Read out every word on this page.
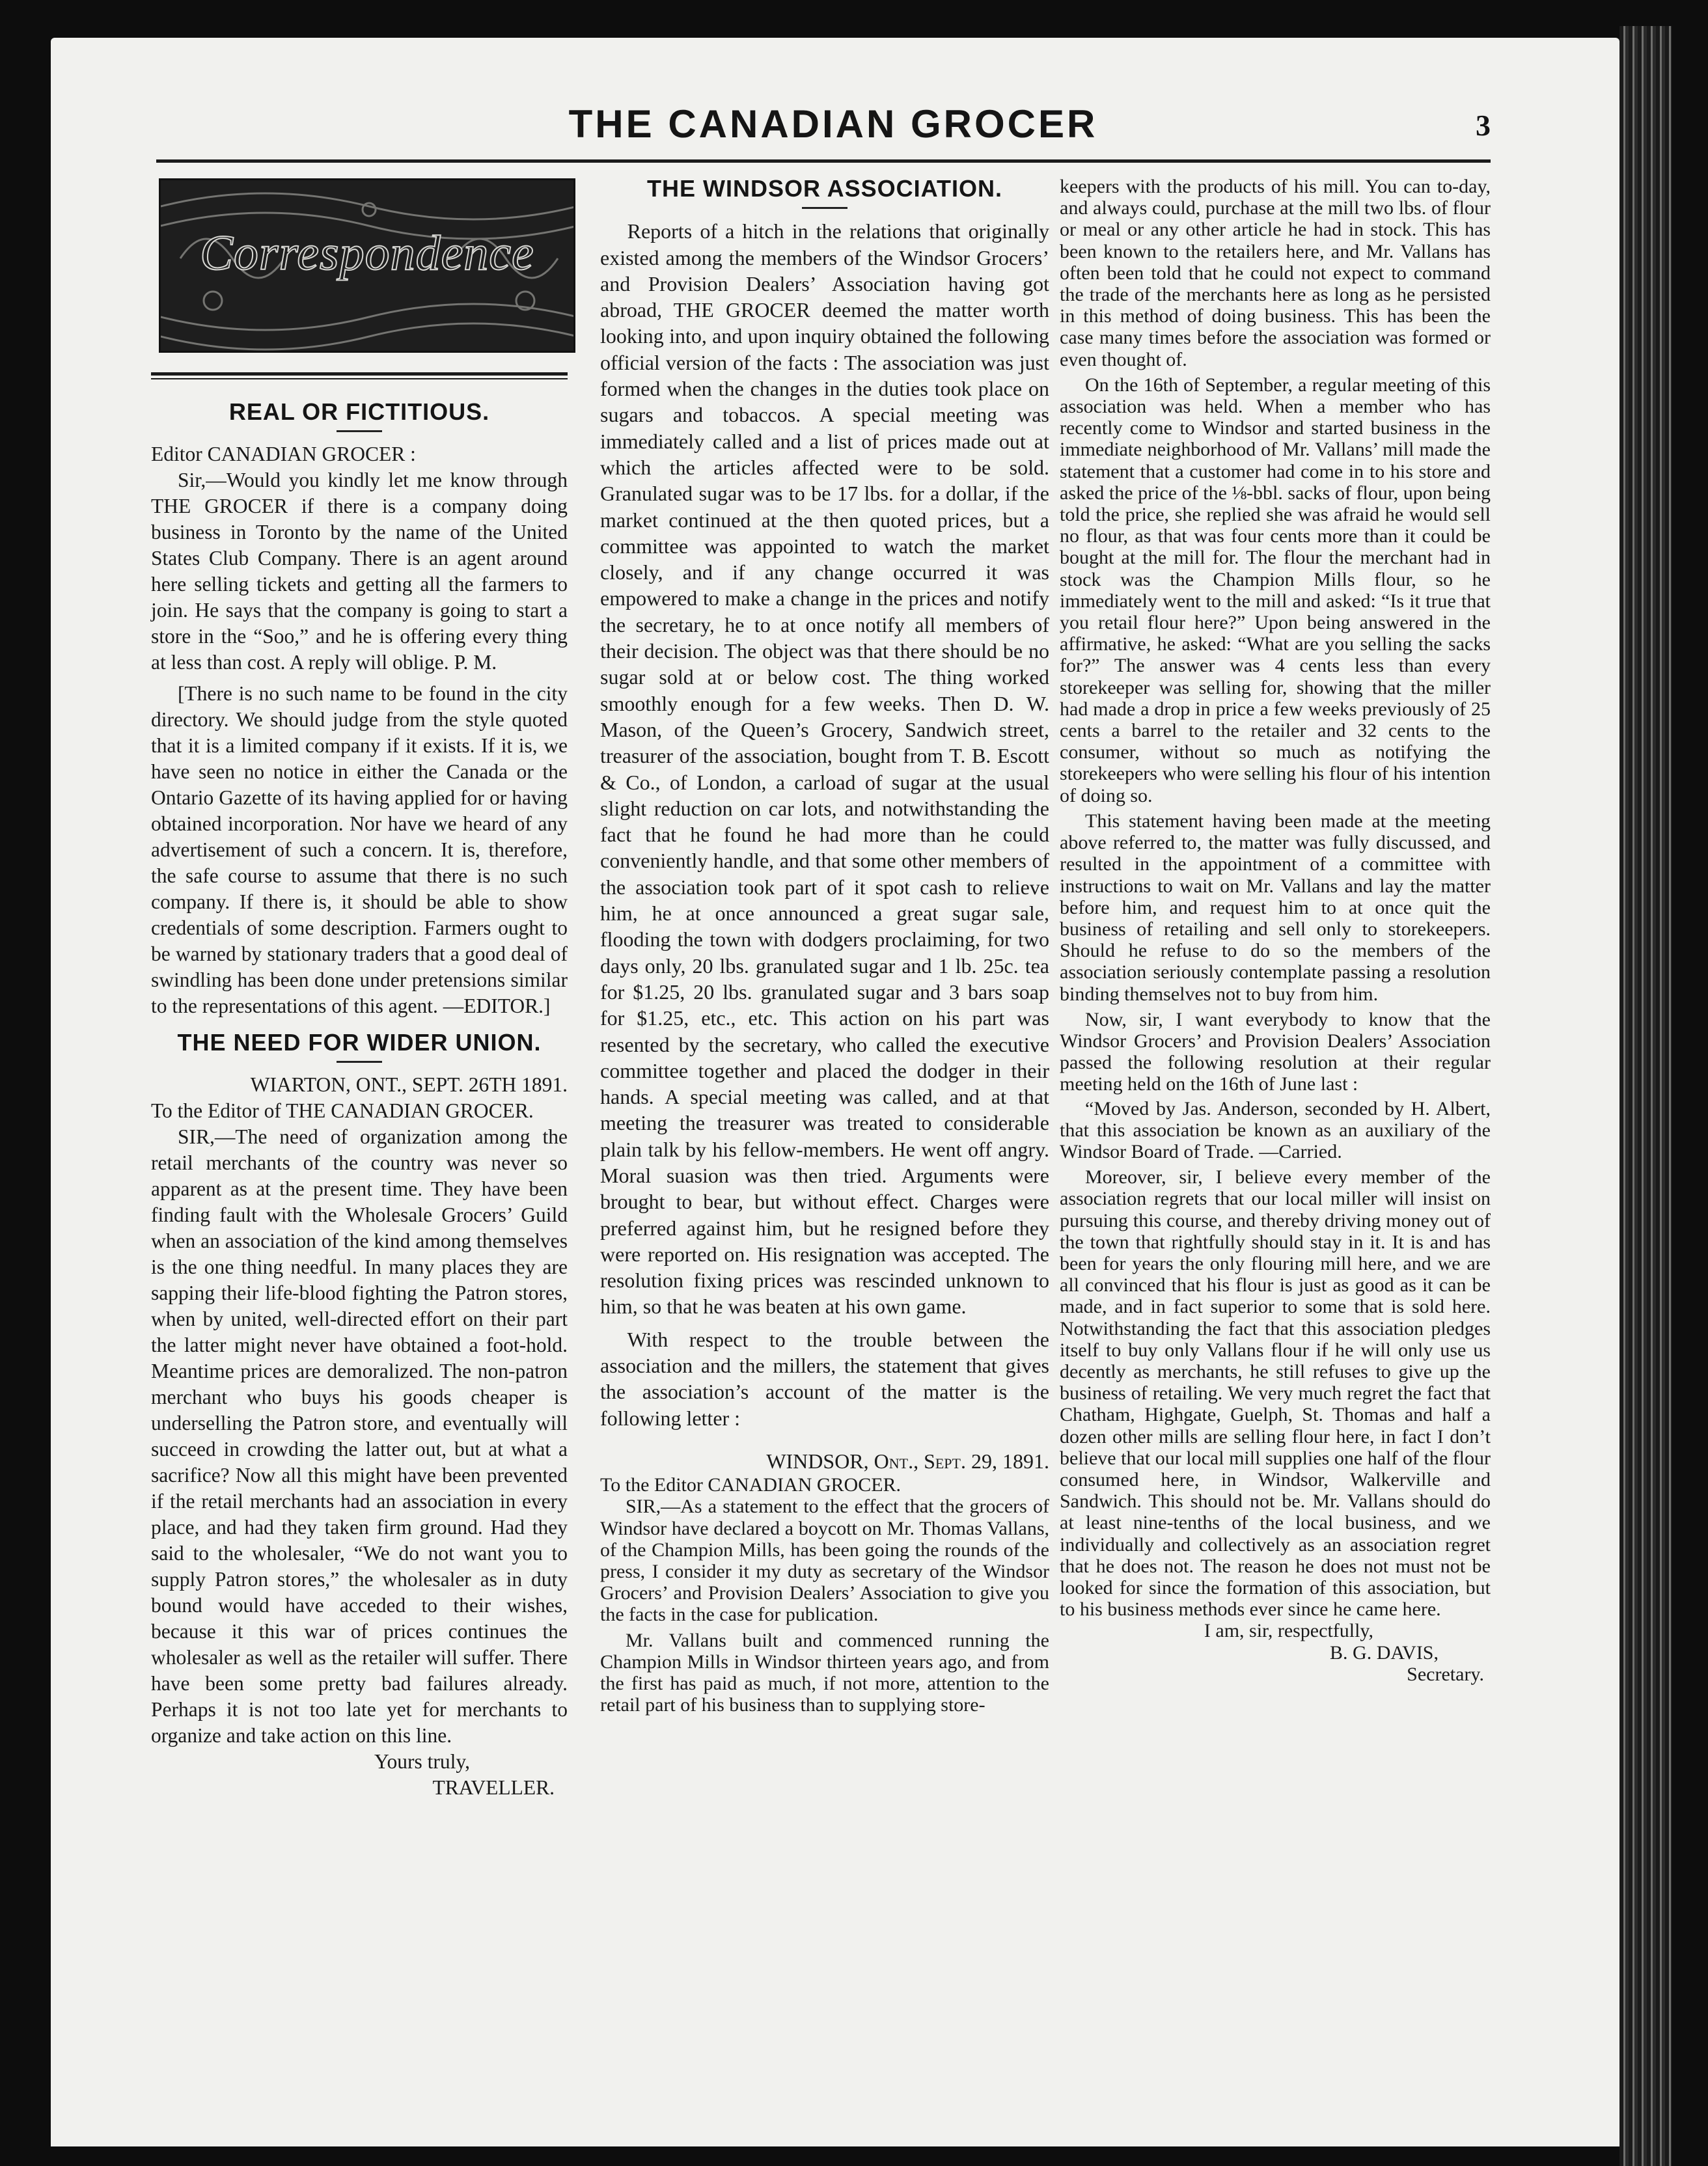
THE CANADIAN GROCER	3
Correspondence
REAL OR FICTITIOUS.

Editor CANADIAN GROCER :

Sir,—Would you kindly let me know through THE GROCER if there is a company doing business in Toronto by the name of the United States Club Company. There is an agent around here selling tickets and getting all the farmers to join. He says that the company is going to start a store in the “Soo,” and he is offering every thing at less than cost. A reply will oblige. P. M.

[There is no such name to be found in the city directory. We should judge from the style quoted that it is a limited company if it exists. If it is, we have seen no notice in either the Canada or the Ontario Gazette of its having applied for or having obtained incorporation. Nor have we heard of any advertisement of such a concern. It is, therefore, the safe course to assume that there is no such company. If there is, it should be able to show credentials of some description. Farmers ought to be warned by stationary traders that a good deal of swindling has been done under pretensions similar to the representations of this agent. —EDITOR.]

THE NEED FOR WIDER UNION.

WIARTON, ONT., SEPT. 26TH 1891.

To the Editor of THE CANADIAN GROCER.

SIR,—The need of organization among the retail merchants of the country was never so apparent as at the present time. They have been finding fault with the Wholesale Grocers’ Guild when an association of the kind among themselves is the one thing needful. In many places they are sapping their life-blood fighting the Patron stores, when by united, well-directed effort on their part the latter might never have obtained a foot-hold. Meantime prices are demoralized. The non-patron merchant who buys his goods cheaper is underselling the Patron store, and eventually will succeed in crowding the latter out, but at what a sacrifice? Now all this might have been prevented if the retail merchants had an association in every place, and had they taken firm ground. Had they said to the wholesaler, “We do not want you to supply Patron stores,” the wholesaler as in duty bound would have acceded to their wishes, because it this war of prices continues the wholesaler as well as the retailer will suffer. There have been some pretty bad failures already. Perhaps it is not too late yet for merchants to organize and take action on this line.

Yours truly,

TRAVELLER.

THE WINDSOR ASSOCIATION.

Reports of a hitch in the relations that originally existed among the members of the Windsor Grocers’ and Provision Dealers’ Association having got abroad, THE GROCER deemed the matter worth looking into, and upon inquiry obtained the following official version of the facts : The association was just formed when the changes in the duties took place on sugars and tobaccos. A special meeting was immediately called and a list of prices made out at which the articles affected were to be sold. Granulated sugar was to be 17 lbs. for a dollar, if the market continued at the then quoted prices, but a committee was appointed to watch the market closely, and if any change occurred it was empowered to make a change in the prices and notify the secretary, he to at once notify all members of their decision. The object was that there should be no sugar sold at or below cost. The thing worked smoothly enough for a few weeks. Then D. W. Mason, of the Queen’s Grocery, Sandwich street, treasurer of the association, bought from T. B. Escott & Co., of London, a carload of sugar at the usual slight reduction on car lots, and notwithstanding the fact that he found he had more than he could conveniently handle, and that some other members of the association took part of it spot cash to relieve him, he at once announced a great sugar sale, flooding the town with dodgers proclaiming, for two days only, 20 lbs. granulated sugar and 1 lb. 25c. tea for $1.25, 20 lbs. granulated sugar and 3 bars soap for $1.25, etc., etc. This action on his part was resented by the secretary, who called the executive committee together and placed the dodger in their hands. A special meeting was called, and at that meeting the treasurer was treated to considerable plain talk by his fellow-members. He went off angry. Moral suasion was then tried. Arguments were brought to bear, but without effect. Charges were preferred against him, but he resigned before they were reported on. His resignation was accepted. The resolution fixing prices was rescinded unknown to him, so that he was beaten at his own game.

With respect to the trouble between the association and the millers, the statement that gives the association’s account of the matter is the following letter :

WINDSOR, Ont., Sept. 29, 1891.

To the Editor CANADIAN GROCER.

SIR,—As a statement to the effect that the grocers of Windsor have declared a boycott on Mr. Thomas Vallans, of the Champion Mills, has been going the rounds of the press, I consider it my duty as secretary of the Windsor Grocers’ and Provision Dealers’ Association to give you the facts in the case for publication.

Mr. Vallans built and commenced running the Champion Mills in Windsor thirteen years ago, and from the first has paid as much, if not more, attention to the retail part of his business than to supplying store-

keepers with the products of his mill. You can to-day, and always could, purchase at the mill two lbs. of flour or meal or any other article he had in stock. This has been known to the retailers here, and Mr. Vallans has often been told that he could not expect to command the trade of the merchants here as long as he persisted in this method of doing business. This has been the case many times before the association was formed or even thought of.

On the 16th of September, a regular meeting of this association was held. When a member who has recently come to Windsor and started business in the immediate neighborhood of Mr. Vallans’ mill made the statement that a customer had come in to his store and asked the price of the ⅛-bbl. sacks of flour, upon being told the price, she replied she was afraid he would sell no flour, as that was four cents more than it could be bought at the mill for. The flour the merchant had in stock was the Champion Mills flour, so he immediately went to the mill and asked: “Is it true that you retail flour here?” Upon being answered in the affirmative, he asked: “What are you selling the sacks for?” The answer was 4 cents less than every storekeeper was selling for, showing that the miller had made a drop in price a few weeks previously of 25 cents a barrel to the retailer and 32 cents to the consumer, without so much as notifying the storekeepers who were selling his flour of his intention of doing so.

This statement having been made at the meeting above referred to, the matter was fully discussed, and resulted in the appointment of a committee with instructions to wait on Mr. Vallans and lay the matter before him, and request him to at once quit the business of retailing and sell only to storekeepers. Should he refuse to do so the members of the association seriously contemplate passing a resolution binding themselves not to buy from him.

Now, sir, I want everybody to know that the Windsor Grocers’ and Provision Dealers’ Association passed the following resolution at their regular meeting held on the 16th of June last :

“Moved by Jas. Anderson, seconded by H. Albert, that this association be known as an auxiliary of the Windsor Board of Trade. —Carried.

Moreover, sir, I believe every member of the association regrets that our local miller will insist on pursuing this course, and thereby driving money out of the town that rightfully should stay in it. It is and has been for years the only flouring mill here, and we are all convinced that his flour is just as good as it can be made, and in fact superior to some that is sold here. Notwithstanding the fact that this association pledges itself to buy only Vallans flour if he will only use us decently as merchants, he still refuses to give up the business of retailing. We very much regret the fact that Chatham, Highgate, Guelph, St. Thomas and half a dozen other mills are selling flour here, in fact I don’t believe that our local mill supplies one half of the flour consumed here, in Windsor, Walkerville and Sandwich. This should not be. Mr. Vallans should do at least nine-tenths of the local business, and we individually and collectively as an association regret that he does not. The reason he does not must not be looked for since the formation of this association, but to his business methods ever since he came here.

I am, sir, respectfully,

B. G. DAVIS,

Secretary.
